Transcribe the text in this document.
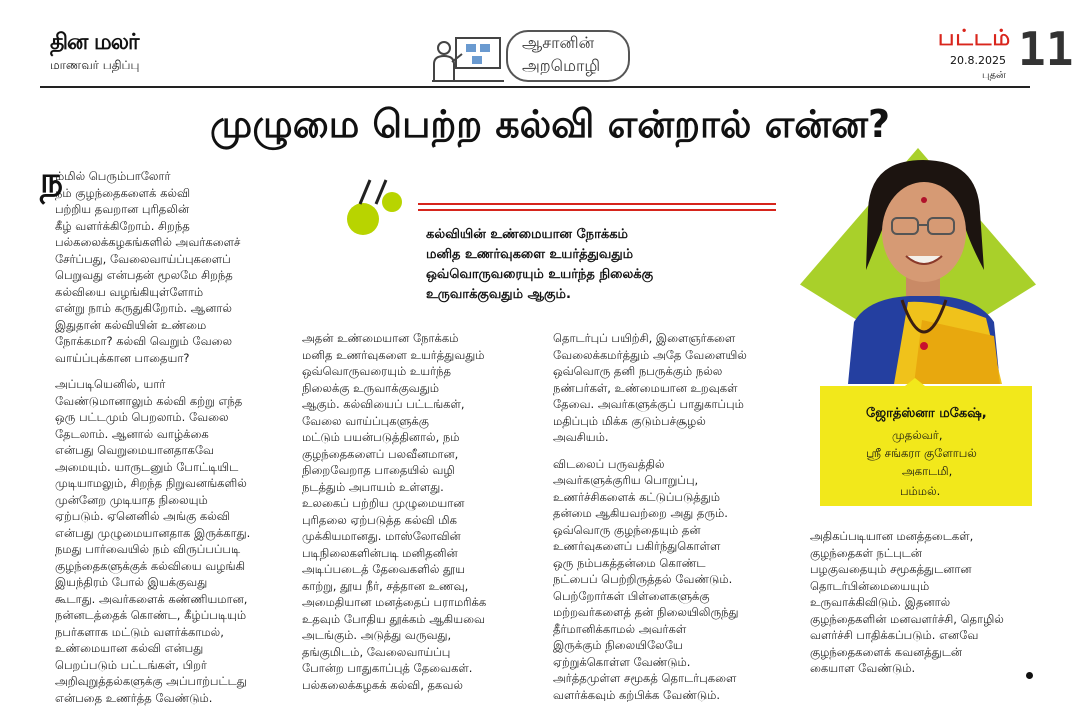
தின மலர்
மாணவர் பதிப்பு
ஆசானின்
அறமொழி
பட்டம்
20.8.2025
புதன் 11
முழுமை பெற்ற கல்வி என்றால் என்ன?
ந

ம்மில் பெரும்பாலோர்
நம் குழந்தைகளைக் கல்வி
பற்றிய தவறான புரிதலின்
கீழ் வளர்க்கிறோம். சிறந்த
பல்கலைக்கழகங்களில் அவர்களைச்
சேர்ப்பது, வேலைவாய்ப்புகளைப்
பெறுவது என்பதன் மூலமே சிறந்த
கல்வியை வழங்கியுள்ளோம்
என்று நாம் கருதுகிறோம். ஆனால்
இதுதான் கல்வியின் உண்மை
நோக்கமா? கல்வி வெறும் வேலை
வாய்ப்புக்கான பாதையா?

அப்படியெனில், யார்
வேண்டுமானாலும் கல்வி கற்று எந்த
ஒரு பட்டமும் பெறலாம். வேலை
தேடலாம். ஆனால் வாழ்க்கை
என்பது வெறுமையானதாகவே
அமையும். யாருடனும் போட்டியிட
முடியாமலும், சிறந்த நிறுவனங்களில்
முன்னேற முடியாத நிலையும்
ஏற்படும். ஏனெனில் அங்கு கல்வி
என்பது முழுமையானதாக இருக்காது.
நமது பார்வையில் நம் விருப்பப்படி
குழந்தைகளுக்குக் கல்வியை வழங்கி
இயந்திரம் போல் இயக்குவது
கூடாது. அவர்களைக் கண்ணியமான,
நன்னடத்தைக் கொண்ட, கீழ்ப்படியும்
நபர்களாக மட்டும் வளர்க்காமல்,
உண்மையான கல்வி என்பது
பெறப்படும் பட்டங்கள், பிறர்
அறிவுறுத்தல்களுக்கு அப்பாற்பட்டது
என்பதை உணர்த்த வேண்டும்.

கல்வியின் உண்மையான நோக்கம்
மனித உணர்வுகளை உயர்த்துவதும்
ஒவ்வொருவரையும் உயர்ந்த நிலைக்கு
உருவாக்குவதும் ஆகும்.

அதன் உண்மையான நோக்கம்
மனித உணர்வுகளை உயர்த்துவதும்
ஒவ்வொருவரையும் உயர்ந்த
நிலைக்கு உருவாக்குவதும்
ஆகும். கல்வியைப் பட்டங்கள்,
வேலை வாய்ப்புகளுக்கு
மட்டும் பயன்படுத்தினால், நம்
குழந்தைகளைப் பலவீனமான,
நிறைவேறாத பாதையில் வழி
நடத்தும் அபாயம் உள்ளது.
உலகைப் பற்றிய முழுமையான
புரிதலை ஏற்படுத்த கல்வி மிக
முக்கியமானது. மாஸ்லோவின்
படிநிலைகளின்படி மனிதனின்
அடிப்படைத் தேவைகளில் தூய
காற்று, தூய நீர், சத்தான உணவு,
அமைதியான மனத்தைப் பராமரிக்க
உதவும் போதிய தூக்கம் ஆகியவை
அடங்கும். அடுத்து வருவது,
தங்குமிடம், வேலைவாய்ப்பு
போன்ற பாதுகாப்புத் தேவைகள்.
பல்கலைக்கழகக் கல்வி, தகவல்

தொடர்புப் பயிற்சி, இளைஞர்களை
வேலைக்கமர்த்தும் அதே வேளையில்
ஒவ்வொரு தனி நபருக்கும் நல்ல
நண்பர்கள், உண்மையான உறவுகள்
தேவை. அவர்களுக்குப் பாதுகாப்பும்
மதிப்பும் மிக்க குடும்பச்சூழல்
அவசியம்.

விடலைப் பருவத்தில்
அவர்களுக்குரிய பொறுப்பு,
உணர்ச்சிகளைக் கட்டுப்படுத்தும்
தன்மை ஆகியவற்றை அது தரும்.
ஒவ்வொரு குழந்தையும் தன்
உணர்வுகளைப் பகிர்ந்துகொள்ள
ஒரு நம்பகத்தன்மை கொண்ட
நட்பைப் பெற்றிருத்தல் வேண்டும்.
பெற்றோர்கள் பிள்ளைகளுக்கு
மற்றவர்களைத் தன் நிலையிலிருந்து
தீர்மானிக்காமல் அவர்கள்
இருக்கும் நிலையிலேயே
ஏற்றுக்கொள்ள வேண்டும்.
அர்த்தமுள்ள சமூகத் தொடர்புகளை
வளர்க்கவும் கற்பிக்க வேண்டும்.

ஜோத்ஸ்னா மகேஷ்,
முதல்வர்,
ஸ்ரீ சங்கரா குளோபல்
அகாடமி,
பம்மல்.

அதிகப்படியான மனத்தடைகள்,
குழந்தைகள் நட்புடன்
பழகுவதையும் சமூகத்துடனான
தொடர்பின்மையையும்
உருவாக்கிவிடும். இதனால்
குழந்தைகளின் மனவளர்ச்சி, தொழில்
வளர்ச்சி பாதிக்கப்படும். எனவே
குழந்தைகளைக் கவனத்துடன்
கையாள வேண்டும்.
